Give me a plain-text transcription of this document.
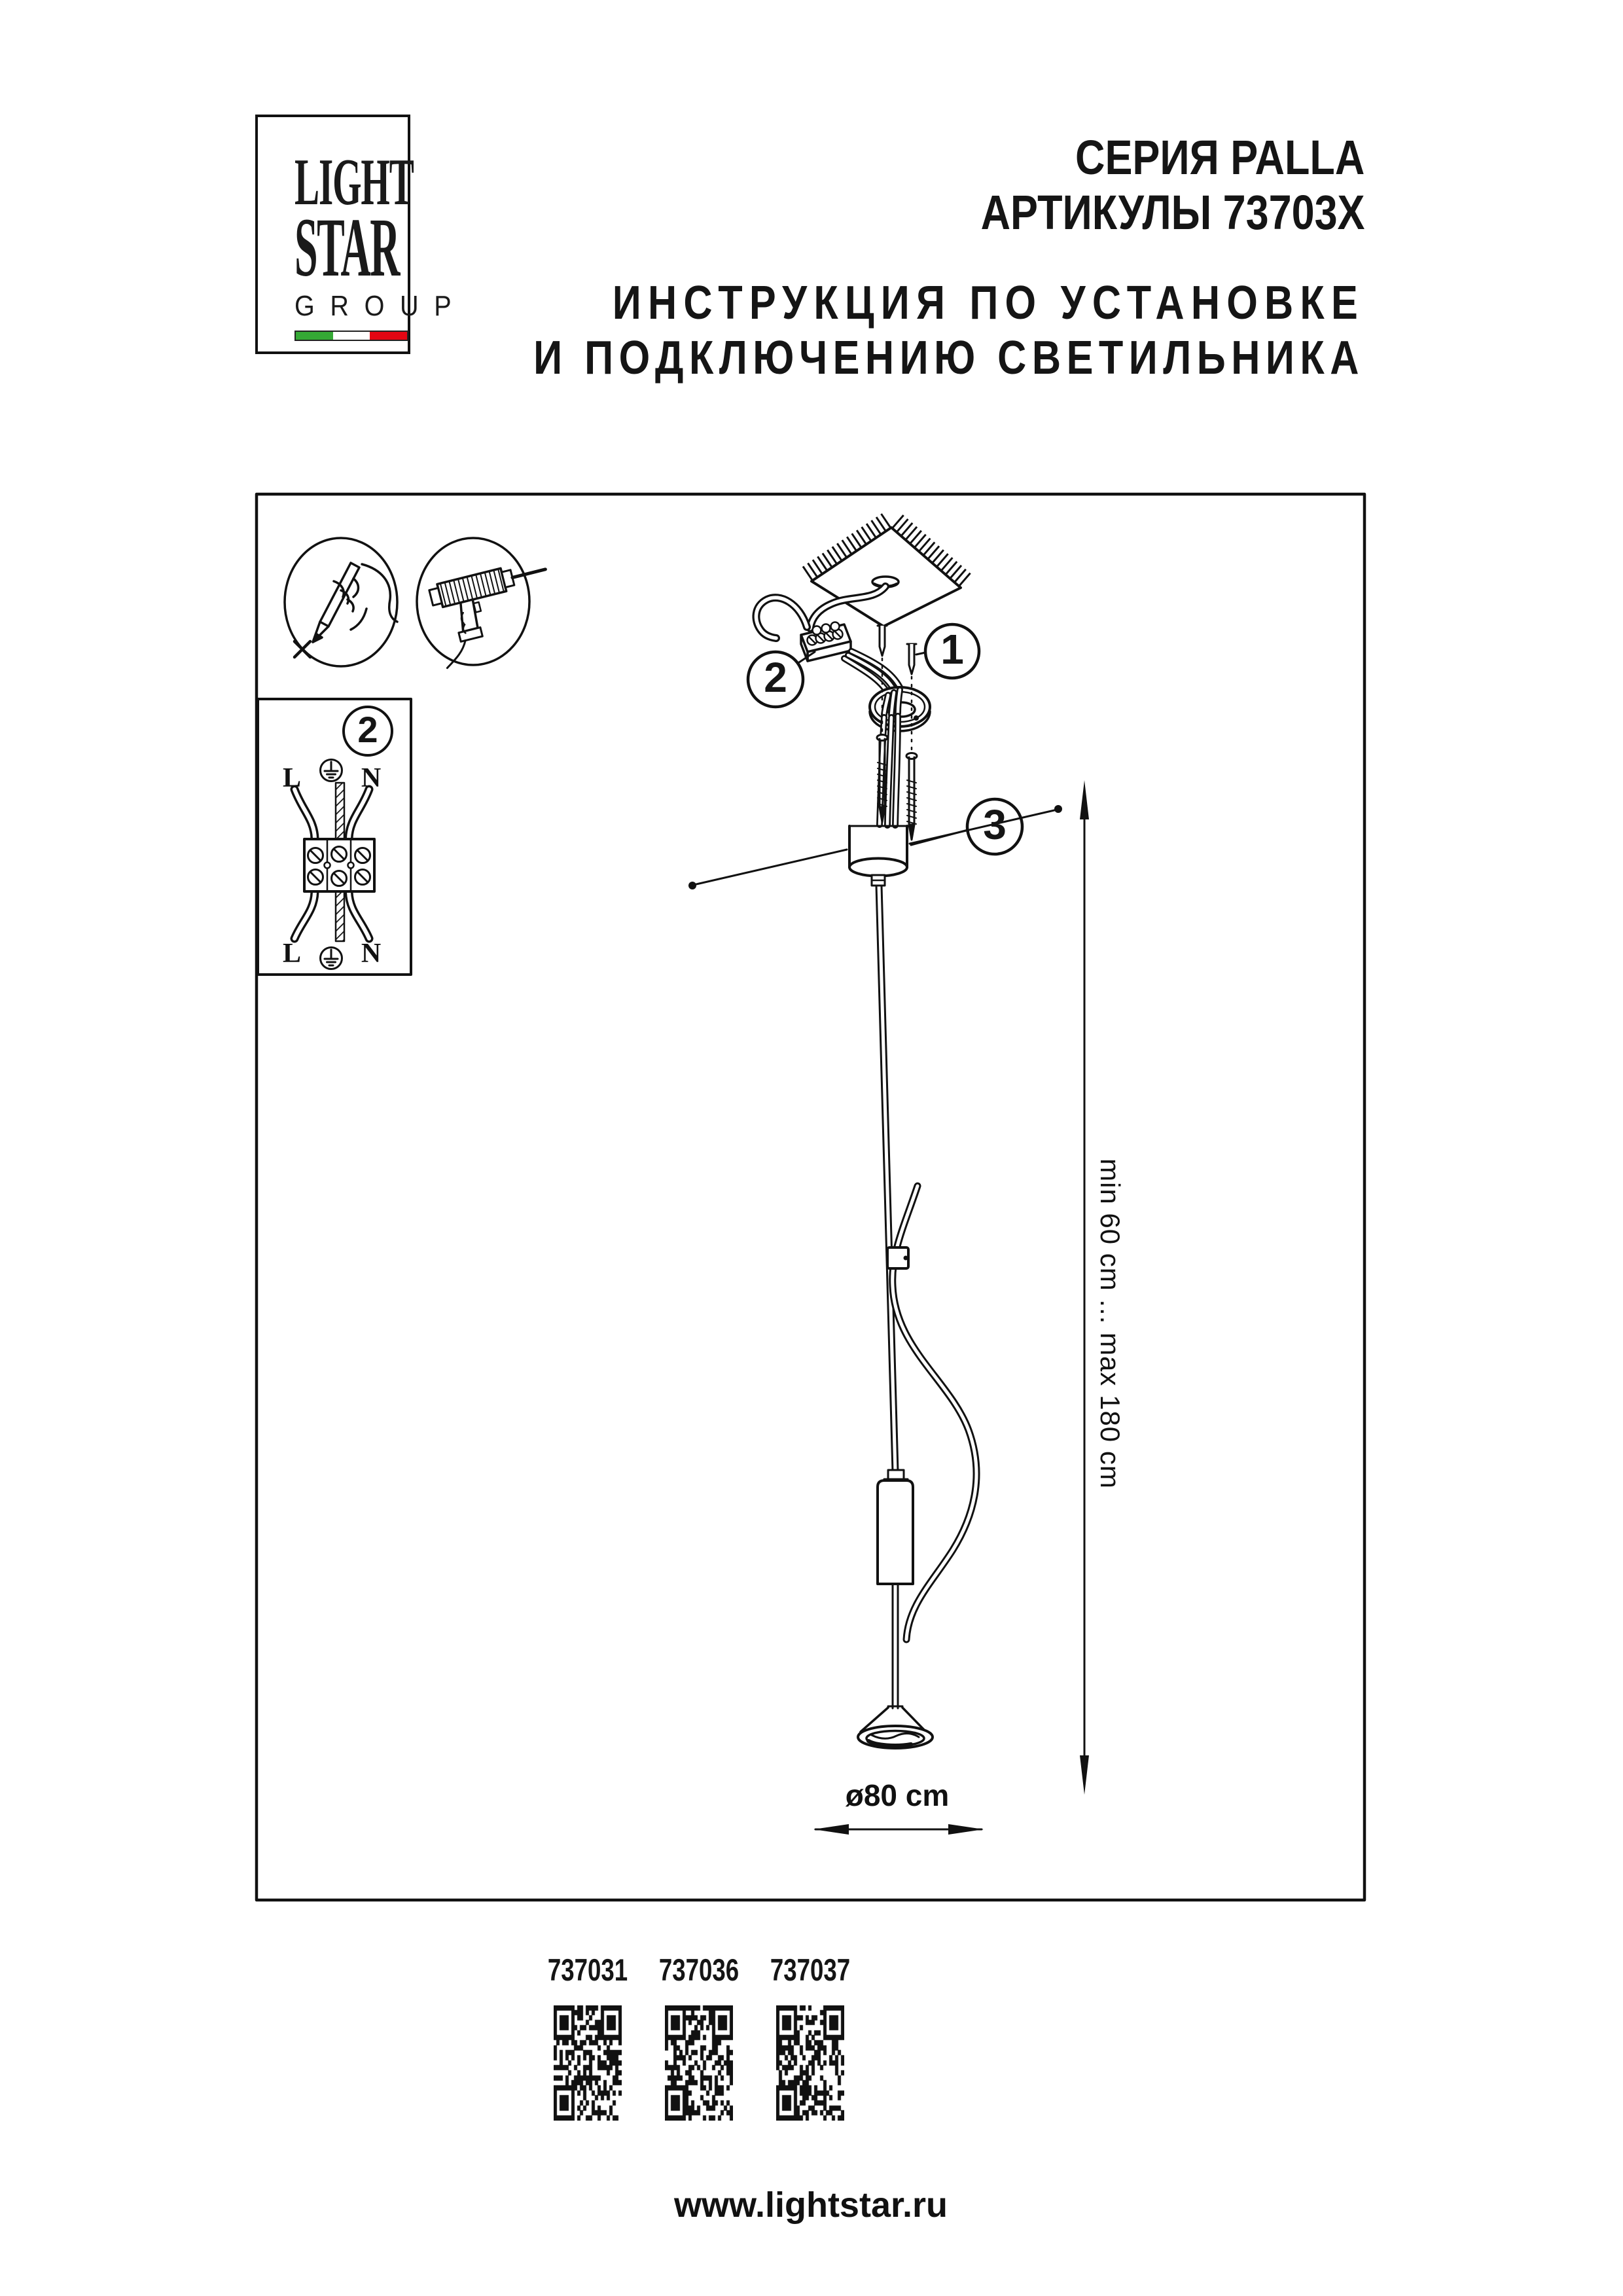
LIGHT
STAR
G R O U P
СЕРИЯ PALLA
АРТИКУЛЫ 73703X
ИНСТРУКЦИЯ ПО УСТАНОВКЕ
И ПОДКЛЮЧЕНИЮ СВЕТИЛЬНИКА
1
2
3
2
L N
L N
min 60 cm ... max 180 cm
ø80 cm
737031 737036 737037
www.lightstar.ru
